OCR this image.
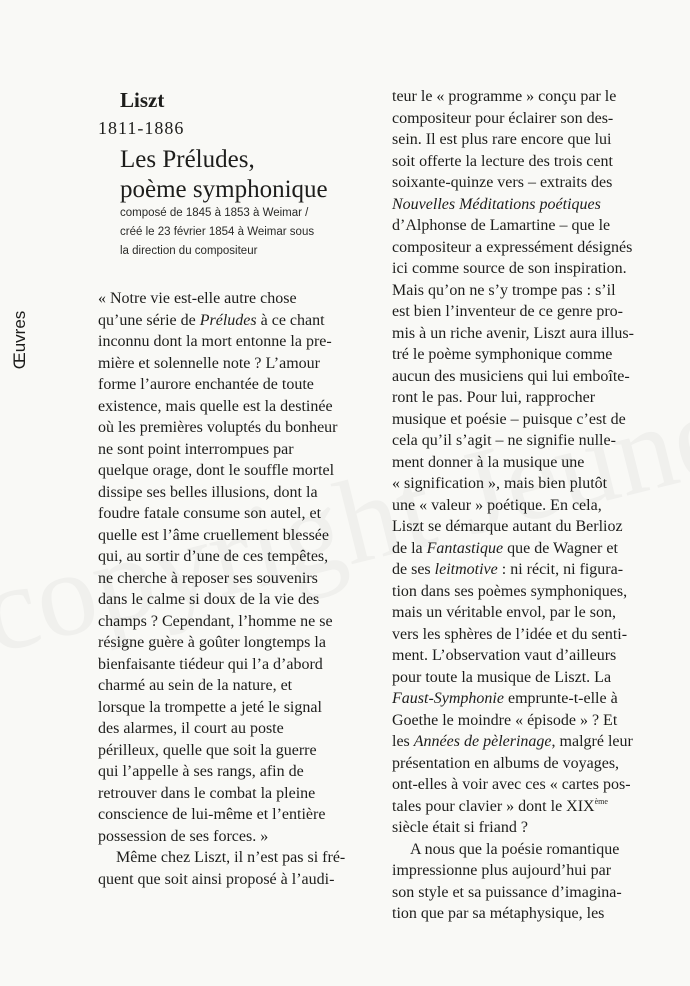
Œuvres
Liszt
1811-1886
Les Préludes,
poème symphonique
composé de 1845 à 1853 à Weimar /
créé le 23 février 1854 à Weimar sous
la direction du compositeur
« Notre vie est-elle autre chose
qu’une série de Préludes à ce chant
inconnu dont la mort entonne la pre-
mière et solennelle note ? L’amour
forme l’aurore enchantée de toute
existence, mais quelle est la destinée
où les premières voluptés du bonheur
ne sont point interrompues par
quelque orage, dont le souffle mortel
dissipe ses belles illusions, dont la
foudre fatale consume son autel, et
quelle est l’âme cruellement blessée
qui, au sortir d’une de ces tempêtes,
ne cherche à reposer ses souvenirs
dans le calme si doux de la vie des
champs ? Cependant, l’homme ne se
résigne guère à goûter longtemps la
bienfaisante tiédeur qui l’a d’abord
charmé au sein de la nature, et
lorsque la trompette a jeté le signal
des alarmes, il court au poste
périlleux, quelle que soit la guerre
qui l’appelle à ses rangs, afin de
retrouver dans le combat la pleine
conscience de lui-même et l’entière
possession de ses forces. »
Même chez Liszt, il n’est pas si fré-
quent que soit ainsi proposé à l’audi-
teur le « programme » conçu par le
compositeur pour éclairer son des-
sein. Il est plus rare encore que lui
soit offerte la lecture des trois cent
soixante-quinze vers – extraits des
Nouvelles Méditations poétiques
d’Alphonse de Lamartine – que le
compositeur a expressément désignés
ici comme source de son inspiration.
Mais qu’on ne s’y trompe pas : s’il
est bien l’inventeur de ce genre pro-
mis à un riche avenir, Liszt aura illus-
tré le poème symphonique comme
aucun des musiciens qui lui emboîte-
ront le pas. Pour lui, rapprocher
musique et poésie – puisque c’est de
cela qu’il s’agit – ne signifie nulle-
ment donner à la musique une
« signification », mais bien plutôt
une « valeur » poétique. En cela,
Liszt se démarque autant du Berlioz
de la Fantastique que de Wagner et
de ses leitmotive : ni récit, ni figura-
tion dans ses poèmes symphoniques,
mais un véritable envol, par le son,
vers les sphères de l’idée et du senti-
ment. L’observation vaut d’ailleurs
pour toute la musique de Liszt. La
Faust-Symphonie emprunte-t-elle à
Goethe le moindre « épisode » ? Et
les Années de pèlerinage, malgré leur
présentation en albums de voyages,
ont-elles à voir avec ces « cartes pos-
tales pour clavier » dont le XIXème
siècle était si friand ?
A nous que la poésie romantique
impressionne plus aujourd’hui par
son style et sa puissance d’imagina-
tion que par sa métaphysique, les
